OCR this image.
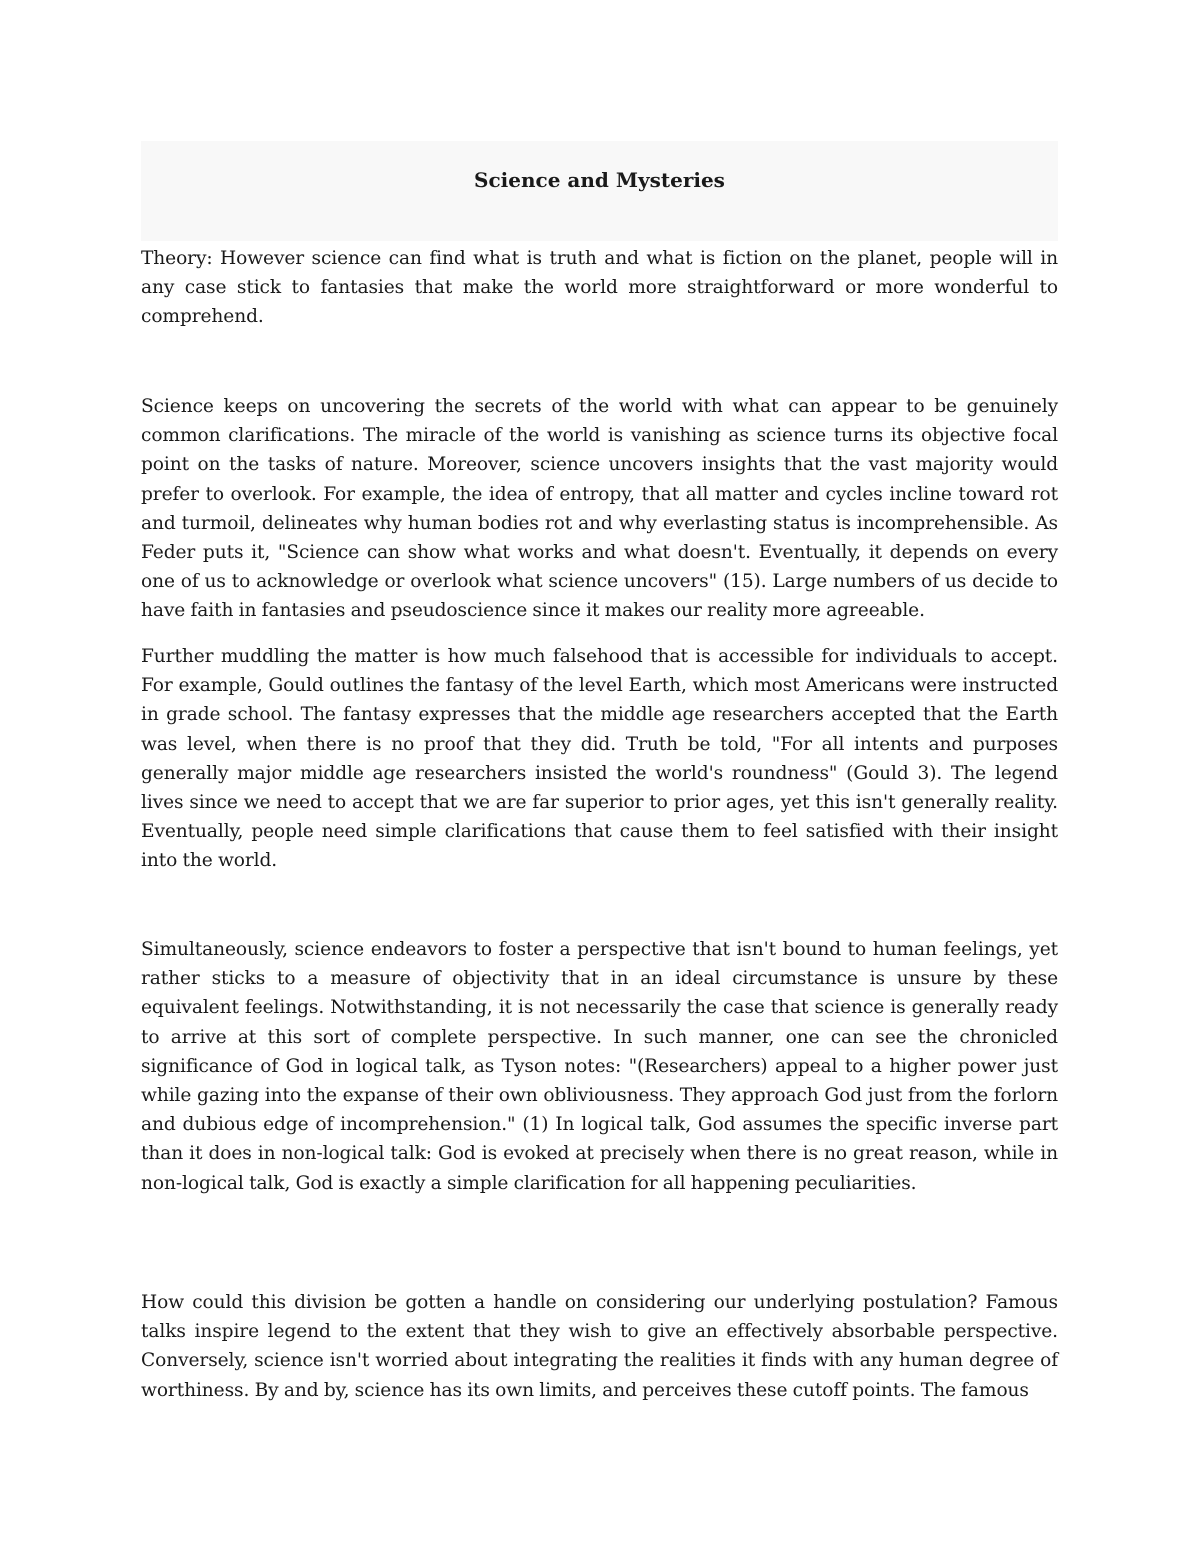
Science and Mysteries

Theory: However science can find what is truth and what is fiction on the planet, people will in any case stick to fantasies that make the world more straightforward or more wonderful to comprehend.

Science keeps on uncovering the secrets of the world with what can appear to be genuinely common clarifications. The miracle of the world is vanishing as science turns its objective focal point on the tasks of nature. Moreover, science uncovers insights that the vast majority would prefer to overlook. For example, the idea of entropy, that all matter and cycles incline toward rot and turmoil, delineates why human bodies rot and why everlasting status is incomprehensible. As Feder puts it, "Science can show what works and what doesn't. Eventually, it depends on every one of us to acknowledge or overlook what science uncovers" (15). Large numbers of us decide to have faith in fantasies and pseudoscience since it makes our reality more agreeable.

Further muddling the matter is how much falsehood that is accessible for individuals to accept. For example, Gould outlines the fantasy of the level Earth, which most Americans were instructed in grade school. The fantasy expresses that the middle age researchers accepted that the Earth was level, when there is no proof that they did. Truth be told, "For all intents and purposes generally major middle age researchers insisted the world's roundness" (Gould 3). The legend lives since we need to accept that we are far superior to prior ages, yet this isn't generally reality. Eventually, people need simple clarifications that cause them to feel satisfied with their insight into the world.

Simultaneously, science endeavors to foster a perspective that isn't bound to human feelings, yet rather sticks to a measure of objectivity that in an ideal circumstance is unsure by these equivalent feelings. Notwithstanding, it is not necessarily the case that science is generally ready to arrive at this sort of complete perspective. In such manner, one can see the chronicled significance of God in logical talk, as Tyson notes: "(Researchers) appeal to a higher power just while gazing into the expanse of their own obliviousness. They approach God just from the forlorn and dubious edge of incomprehension." (1) In logical talk, God assumes the specific inverse part than it does in non-logical talk: God is evoked at precisely when there is no great reason, while in non-logical talk, God is exactly a simple clarification for all happening peculiarities.

How could this division be gotten a handle on considering our underlying postulation? Famous talks inspire legend to the extent that they wish to give an effectively absorbable perspective. Conversely, science isn't worried about integrating the realities it finds with any human degree of worthiness. By and by, science has its own limits, and perceives these cutoff points. The famous
